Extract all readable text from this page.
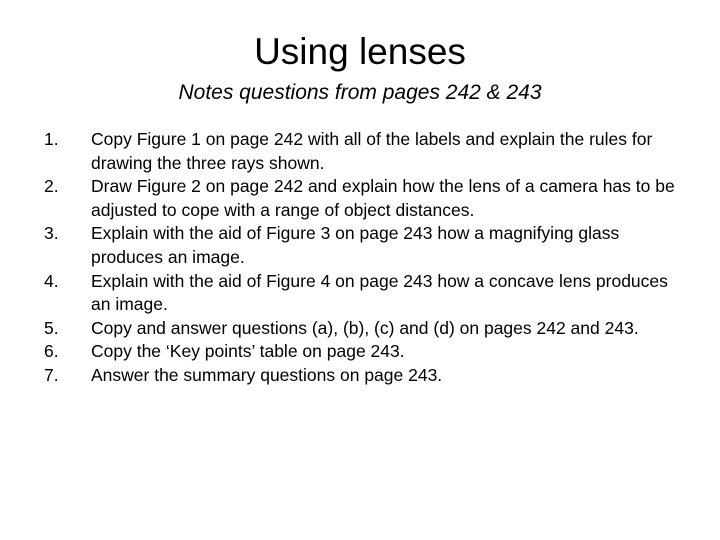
Using lenses

Notes questions from pages 242 & 243

1. Copy Figure 1 on page 242 with all of the labels and explain the rules for drawing the three rays shown.
2. Draw Figure 2 on page 242 and explain how the lens of a camera has to be adjusted to cope with a range of object distances.
3. Explain with the aid of Figure 3 on page 243 how a magnifying glass produces an image.
4. Explain with the aid of Figure 4 on page 243 how a concave lens produces an image.
5. Copy and answer questions (a), (b), (c) and (d) on pages 242 and 243.
6. Copy the ‘Key points’ table on page 243.
7. Answer the summary questions on page 243.
